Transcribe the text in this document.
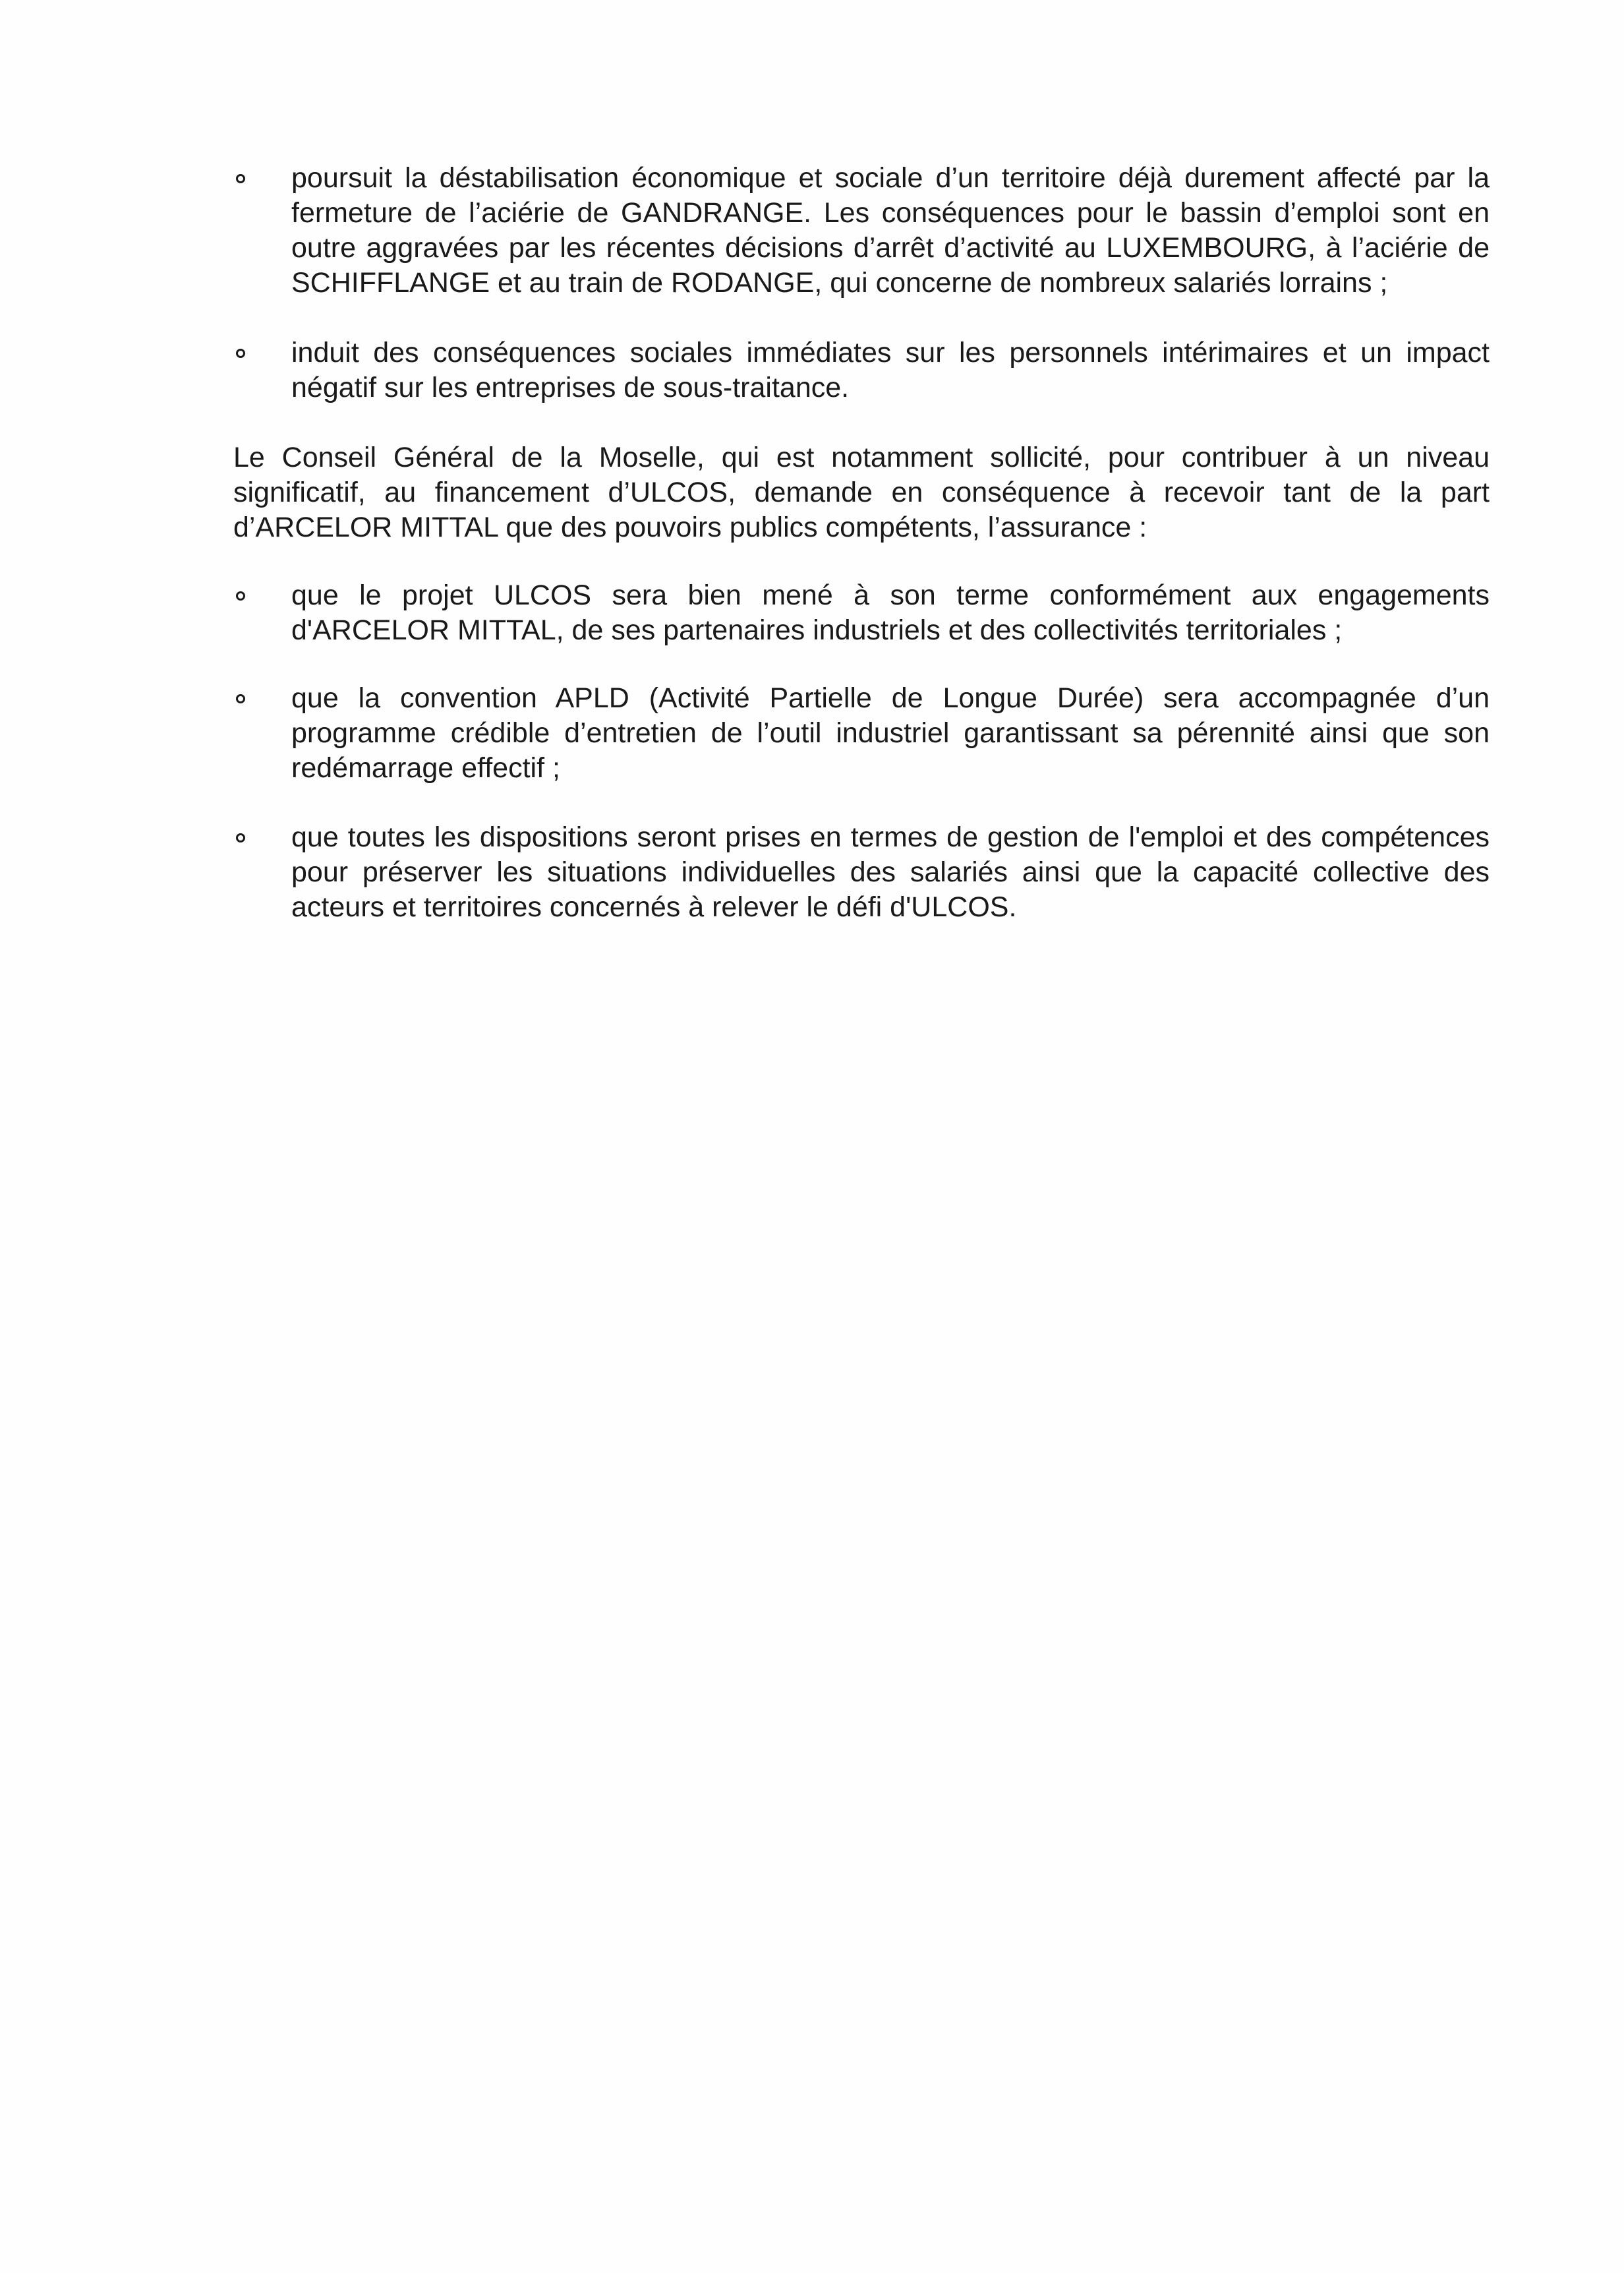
poursuit la déstabilisation économique et sociale d’un territoire déjà durement affecté par la fermeture de l’aciérie de GANDRANGE. Les conséquences pour le bassin d’emploi sont en outre aggravées par les récentes décisions d’arrêt d’activité au LUXEMBOURG, à l’aciérie de SCHIFFLANGE et au train de RODANGE, qui concerne de nombreux salariés lorrains ;
induit des conséquences sociales immédiates sur les personnels intérimaires et un impact négatif sur les entreprises de sous-traitance.
Le Conseil Général de la Moselle, qui est notamment sollicité, pour contribuer à un niveau significatif, au financement d’ULCOS, demande en conséquence à recevoir tant de la part d’ARCELOR MITTAL que des pouvoirs publics compétents, l’assurance :
que le projet ULCOS sera bien mené à son terme conformément aux engagements d'ARCELOR MITTAL, de ses partenaires industriels et des collectivités territoriales ;
que la convention APLD (Activité Partielle de Longue Durée) sera accompagnée d’un programme crédible d’entretien de l’outil industriel garantissant sa pérennité ainsi que son redémarrage effectif ;
que toutes les dispositions seront prises en termes de gestion de l'emploi et des compétences pour préserver les situations individuelles des salariés ainsi que la capacité collective des acteurs et territoires concernés à relever le défi d'ULCOS.
